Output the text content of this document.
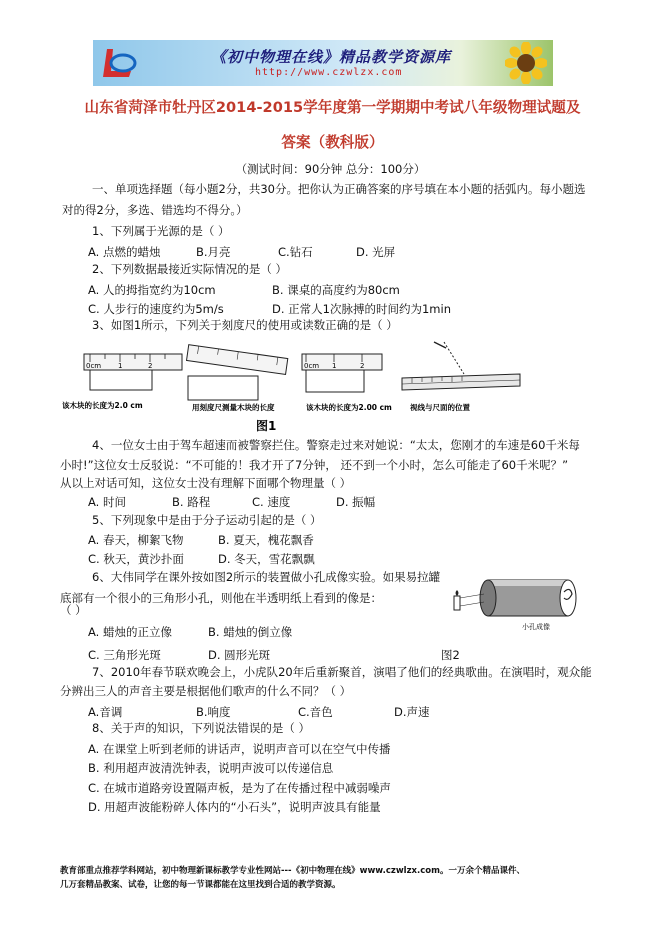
《初中物理在线》精品教学资源库
http://www.czwlzx.com
山东省菏泽市牡丹区2014-2015学年度第一学期期中考试八年级物理试题及
答案（教科版）
（测试时间：90分钟 总分：100分）
一、单项选择题（每小题2分，共30分。把你认为正确答案的序号填在本小题的括弧内。每小题选
对的得2分，多选、错选均不得分。）
1、下列属于光源的是（ ）
A. 点燃的蜡烛	B.月亮	C.钻石	D. 光屏
2、下列数据最接近实际情况的是（ ）
A. 人的拇指宽约为10cm	B. 课桌的高度约为80cm
C. 人步行的速度约为5m/s	D. 正常人1次脉搏的时间约为1min
3、如图1所示，下列关于刻度尺的使用或读数正确的是（ ）
0cm 1	2
该木块的长度为2.0 cm	用刻度尺测量木块的长度
0cm 1	2
该木块的长度为2.00 cm 视线与尺面的位置
图1
4、一位女士由于驾车超速而被警察拦住。警察走过来对她说：“太太，您刚才的车速是60千米每
小时!”这位女士反驳说：“不可能的！我才开了7分钟， 还不到一个小时，怎么可能走了60千米呢？”
从以上对话可知，这位女士没有理解下面哪个物理量（ ）
A. 时间	B. 路程	C. 速度	D. 振幅
5、下列现象中是由于分子运动引起的是（ ）
A. 春天，柳絮飞物	B. 夏天，槐花飘香
C. 秋天，黄沙扑面	D. 冬天，雪花飘飘
6、大伟同学在课外按如图2所示的装置做小孔成像实验。如果易拉罐
底部有一个很小的三角形小孔，则他在半透明纸上看到的像是：
（ ）
A. 蜡烛的正立像	B. 蜡烛的倒立像
C. 三角形光斑	D. 圆形光斑
小孔成像
图2
7、2010年春节联欢晚会上，小虎队20年后重新聚首，演唱了他们的经典歌曲。在演唱时，观众能
分辨出三人的声音主要是根据他们歌声的什么不同？（ ）
A.音调	B.响度	C.音色	D.声速
8、关于声的知识，下列说法错误的是（ ）
A. 在课堂上听到老师的讲话声，说明声音可以在空气中传播
B. 利用超声波清洗钟表，说明声波可以传递信息
C. 在城市道路旁设置隔声板，是为了在传播过程中减弱噪声
D. 用超声波能粉碎人体内的“小石头”，说明声波具有能量
教育部重点推荐学科网站，初中物理新课标教学专业性网站---《初中物理在线》www.czwlzx.com。一万余个精品课件、
几万套精品教案、试卷，让您的每一节课都能在这里找到合适的教学资源。
